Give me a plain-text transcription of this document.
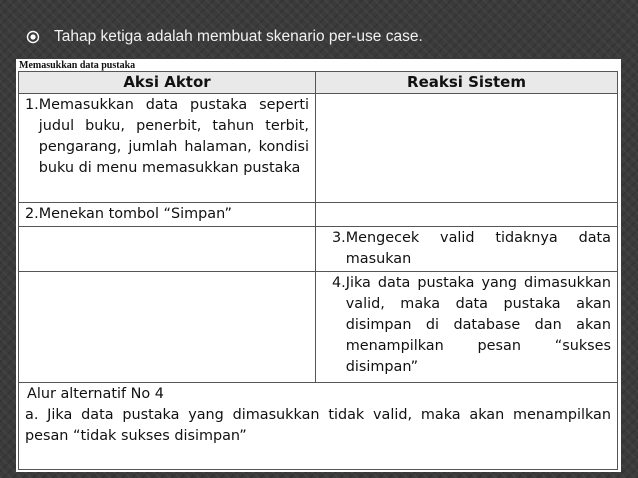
Tahap ketiga adalah membuat skenario per-use case.
Memasukkan data pustaka
Aksi Aktor	Reaksi Sistem

1. Memasukkan data pustaka seperti judul buku, penerbit, tahun terbit, pengarang, jumlah halaman, kondisi buku di menu memasukkan pustaka	

2. Menekan tombol “Simpan”	

	3. Mengecek valid tidaknya data masukan

	4. Jika data pustaka yang dimasukkan valid, maka data pustaka akan disimpan di database dan akan menampilkan pesan “sukses disimpan”

Alur alternatif No 4
a. Jika data pustaka yang dimasukkan tidak valid, maka akan menampilkan pesan “tidak sukses disimpan”	
